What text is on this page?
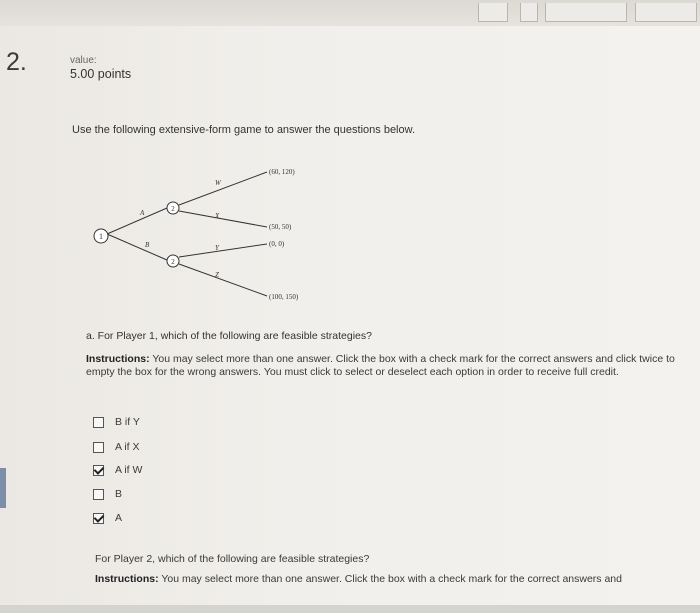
2.	value:
5.00 points
Use the following extensive-form game to answer the questions below.
1
2
2
A
B
W
X
Y
Z
(60, 120)
(50, 50)
(0, 0)
(100, 150)
a. For Player 1, which of the following are feasible strategies?
Instructions: You may select more than one answer. Click the box with a check mark for the correct answers and click twice to empty the box for the wrong answers. You must click to select or deselect each option in order to receive full credit.
B if Y
A if X
A if W
B
A
For Player 2, which of the following are feasible strategies?
Instructions: You may select more than one answer. Click the box with a check mark for the correct answers and
